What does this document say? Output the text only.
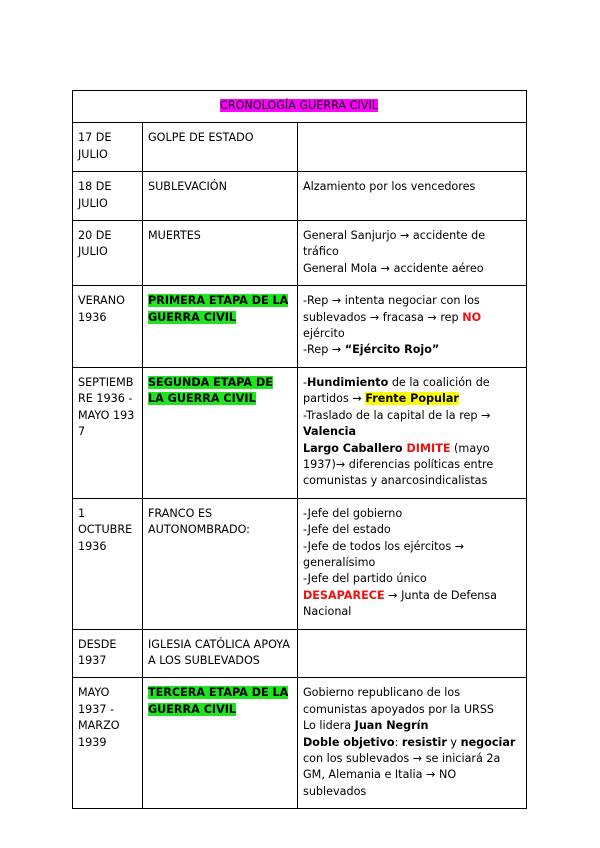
CRONOLOGÍA GUERRA CIVIL		
17 DE JULIO	GOLPE DE ESTADO	
18 DE JULIO	SUBLEVACIÓN	Alzamiento por los vencedores

20 DE JULIO	MUERTES	General Sanjurjo → accidente de tráfico
General Mola → accidente aéreo

VERANO 1936	PRIMERA ETAPA DE LA GUERRA CIVIL	-Rep → intenta negociar con los sublevados → fracasa → rep NO ejército
-Rep → “Ejército Rojo”

SEPTIEMBRE 1936 - MAYO 1937	SEGUNDA ETAPA DE LA GUERRA CIVIL	-Hundimiento de la coalición de partidos → Frente Popular
-Traslado de la capital de la rep → Valencia
Largo Caballero DIMITE (mayo 1937)→ diferencias políticas entre comunistas y anarcosindicalistas

1 OCTUBRE 1936	FRANCO ES AUTONOMBRADO:	-Jefe del gobierno
-Jefe del estado
-Jefe de todos los ejércitos → generalísimo
-Jefe del partido único
DESAPARECE → Junta de Defensa Nacional

DESDE 1937	IGLESIA CATÓLICA APOYA A LOS SUBLEVADOS	
MAYO 1937 - MARZO 1939	TERCERA ETAPA DE LA GUERRA CIVIL	Gobierno republicano de los comunistas apoyados por la URSS
Lo lidera Juan Negrín
Doble objetivo: resistir y negociar con los sublevados → se iniciará 2a GM, Alemania e Italia → NO sublevados
